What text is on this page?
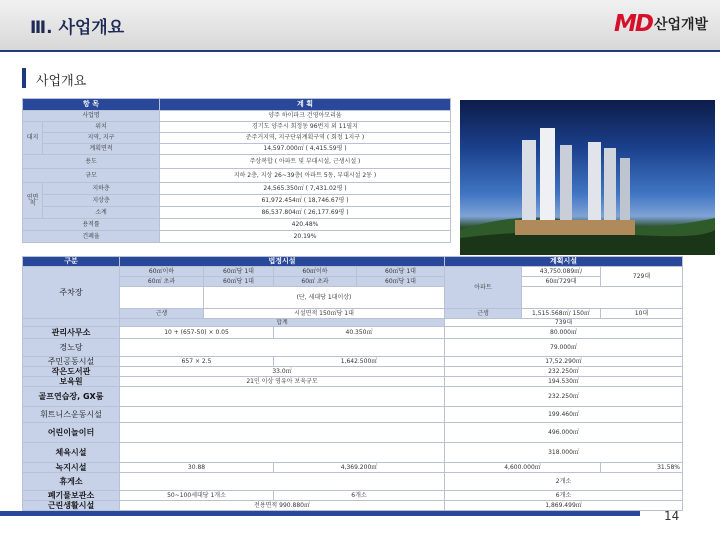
Ⅲ. 사업개요	MD 산업개발
사업개요
항 목		계 획
사업명		양주 하이파크 건영아모리움
대지	위치	경기도 양주시 회정동 96번지 외 11필지
	지역, 지구	준주거지역, 지구단위계획구역 ( 회정 1지구 )
	계획면적	14,597.000㎡ ( 4,415.59평 )
용도		주상복합 ( 아파트 및 부대시설, 근생시설 )
규모		지하 2층, 지상 26~39층( 아파트 5동, 부대시설 2동 )
연면적	지하층	24,565.350㎡ ( 7,431.02평 )
	지상층	61,972.454㎡ ( 18,746.67평 )
	소계	86,537.804㎡ ( 26,177.69평 )
용적률		420.48%
건폐율		20.19%
구분	법정시설				계획시설		
주차장	60㎡이하	60㎡당 1대	60㎡이하	60㎡당 1대	아파트	43,750.089㎡/	729대
	60㎡ 초과	60㎡당 1대	60㎡ 초과	60㎡당 1대		60㎡729대	
		(단, 세대당 1대이상)					
	근생	시설면적 150㎡당 1대			근생	1,515.568㎡/ 150㎡	10대
	합계				739대		
관리사무소	10 + (657-50) × 0.05		40.350㎡		80.000㎡		
경노당					79.000㎡		
주민공동시설	657 × 2.5		1,642.500㎡		17,52.290㎡		
작은도서관	33.0㎡				232.250㎡		
보육원	21인 이상 영유아 보육규모				194.530㎡		
골프연습장, GX룸					232.250㎡		
휘트니스운동시설					199.460㎡		
어린이놀이터					496.000㎡		
체육시설					318.000㎡		
녹지시설	30.88		4,369.200㎡		4,600.000㎡		31.58%
휴게소					2개소		
폐기물보관소	50~100세대당 1개소		6개소		6개소		
근린생활시설	전용면적 990.880㎡				1,869.499㎡		
14
